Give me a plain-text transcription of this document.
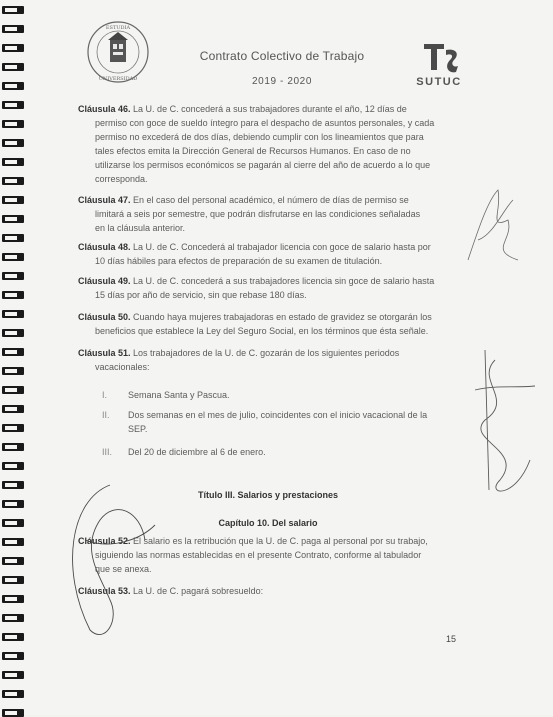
ESTUDIA
UNIVERSIDAD
Contrato Colectivo de Trabajo
2019 - 2020	SUTUC
Cláusula 46. La U. de C. concederá a sus trabajadores durante el año, 12 días de
permiso con goce de sueldo íntegro para el despacho de asuntos personales, y cada
permiso no excederá de dos días, debiendo cumplir con los lineamientos que para
tales efectos emita la Dirección General de Recursos Humanos. En caso de no
utilizarse los permisos económicos se pagarán al cierre del año de acuerdo a lo que
corresponda.
Cláusula 47. En el caso del personal académico, el número de días de permiso se
limitará a seis por semestre, que podrán disfrutarse en las condiciones señaladas
en la cláusula anterior.
Cláusula 48. La U. de C. Concederá al trabajador licencia con goce de salario hasta por
10 días hábiles para efectos de preparación de su examen de titulación.
Cláusula 49. La U. de C. concederá a sus trabajadores licencia sin goce de salario hasta
15 días por año de servicio, sin que rebase 180 días.
Cláusula 50. Cuando haya mujeres trabajadoras en estado de gravidez se otorgarán los
beneficios que establece la Ley del Seguro Social, en los términos que ésta señale.
Cláusula 51. Los trabajadores de la U. de C. gozarán de los siguientes periodos
vacacionales:
I.	Semana Santa y Pascua.
II.	Dos semanas en el mes de julio, coincidentes con el inicio vacacional de la
SEP.
III.	Del 20 de diciembre al 6 de enero.
Título III. Salarios y prestaciones
Capítulo 10. Del salario
Cláusula 52. El salario es la retribución que la U. de C. paga al personal por su trabajo,
siguiendo las normas establecidas en el presente Contrato, conforme al tabulador
que se anexa.
Cláusula 53. La U. de C. pagará sobresueldo:
15
